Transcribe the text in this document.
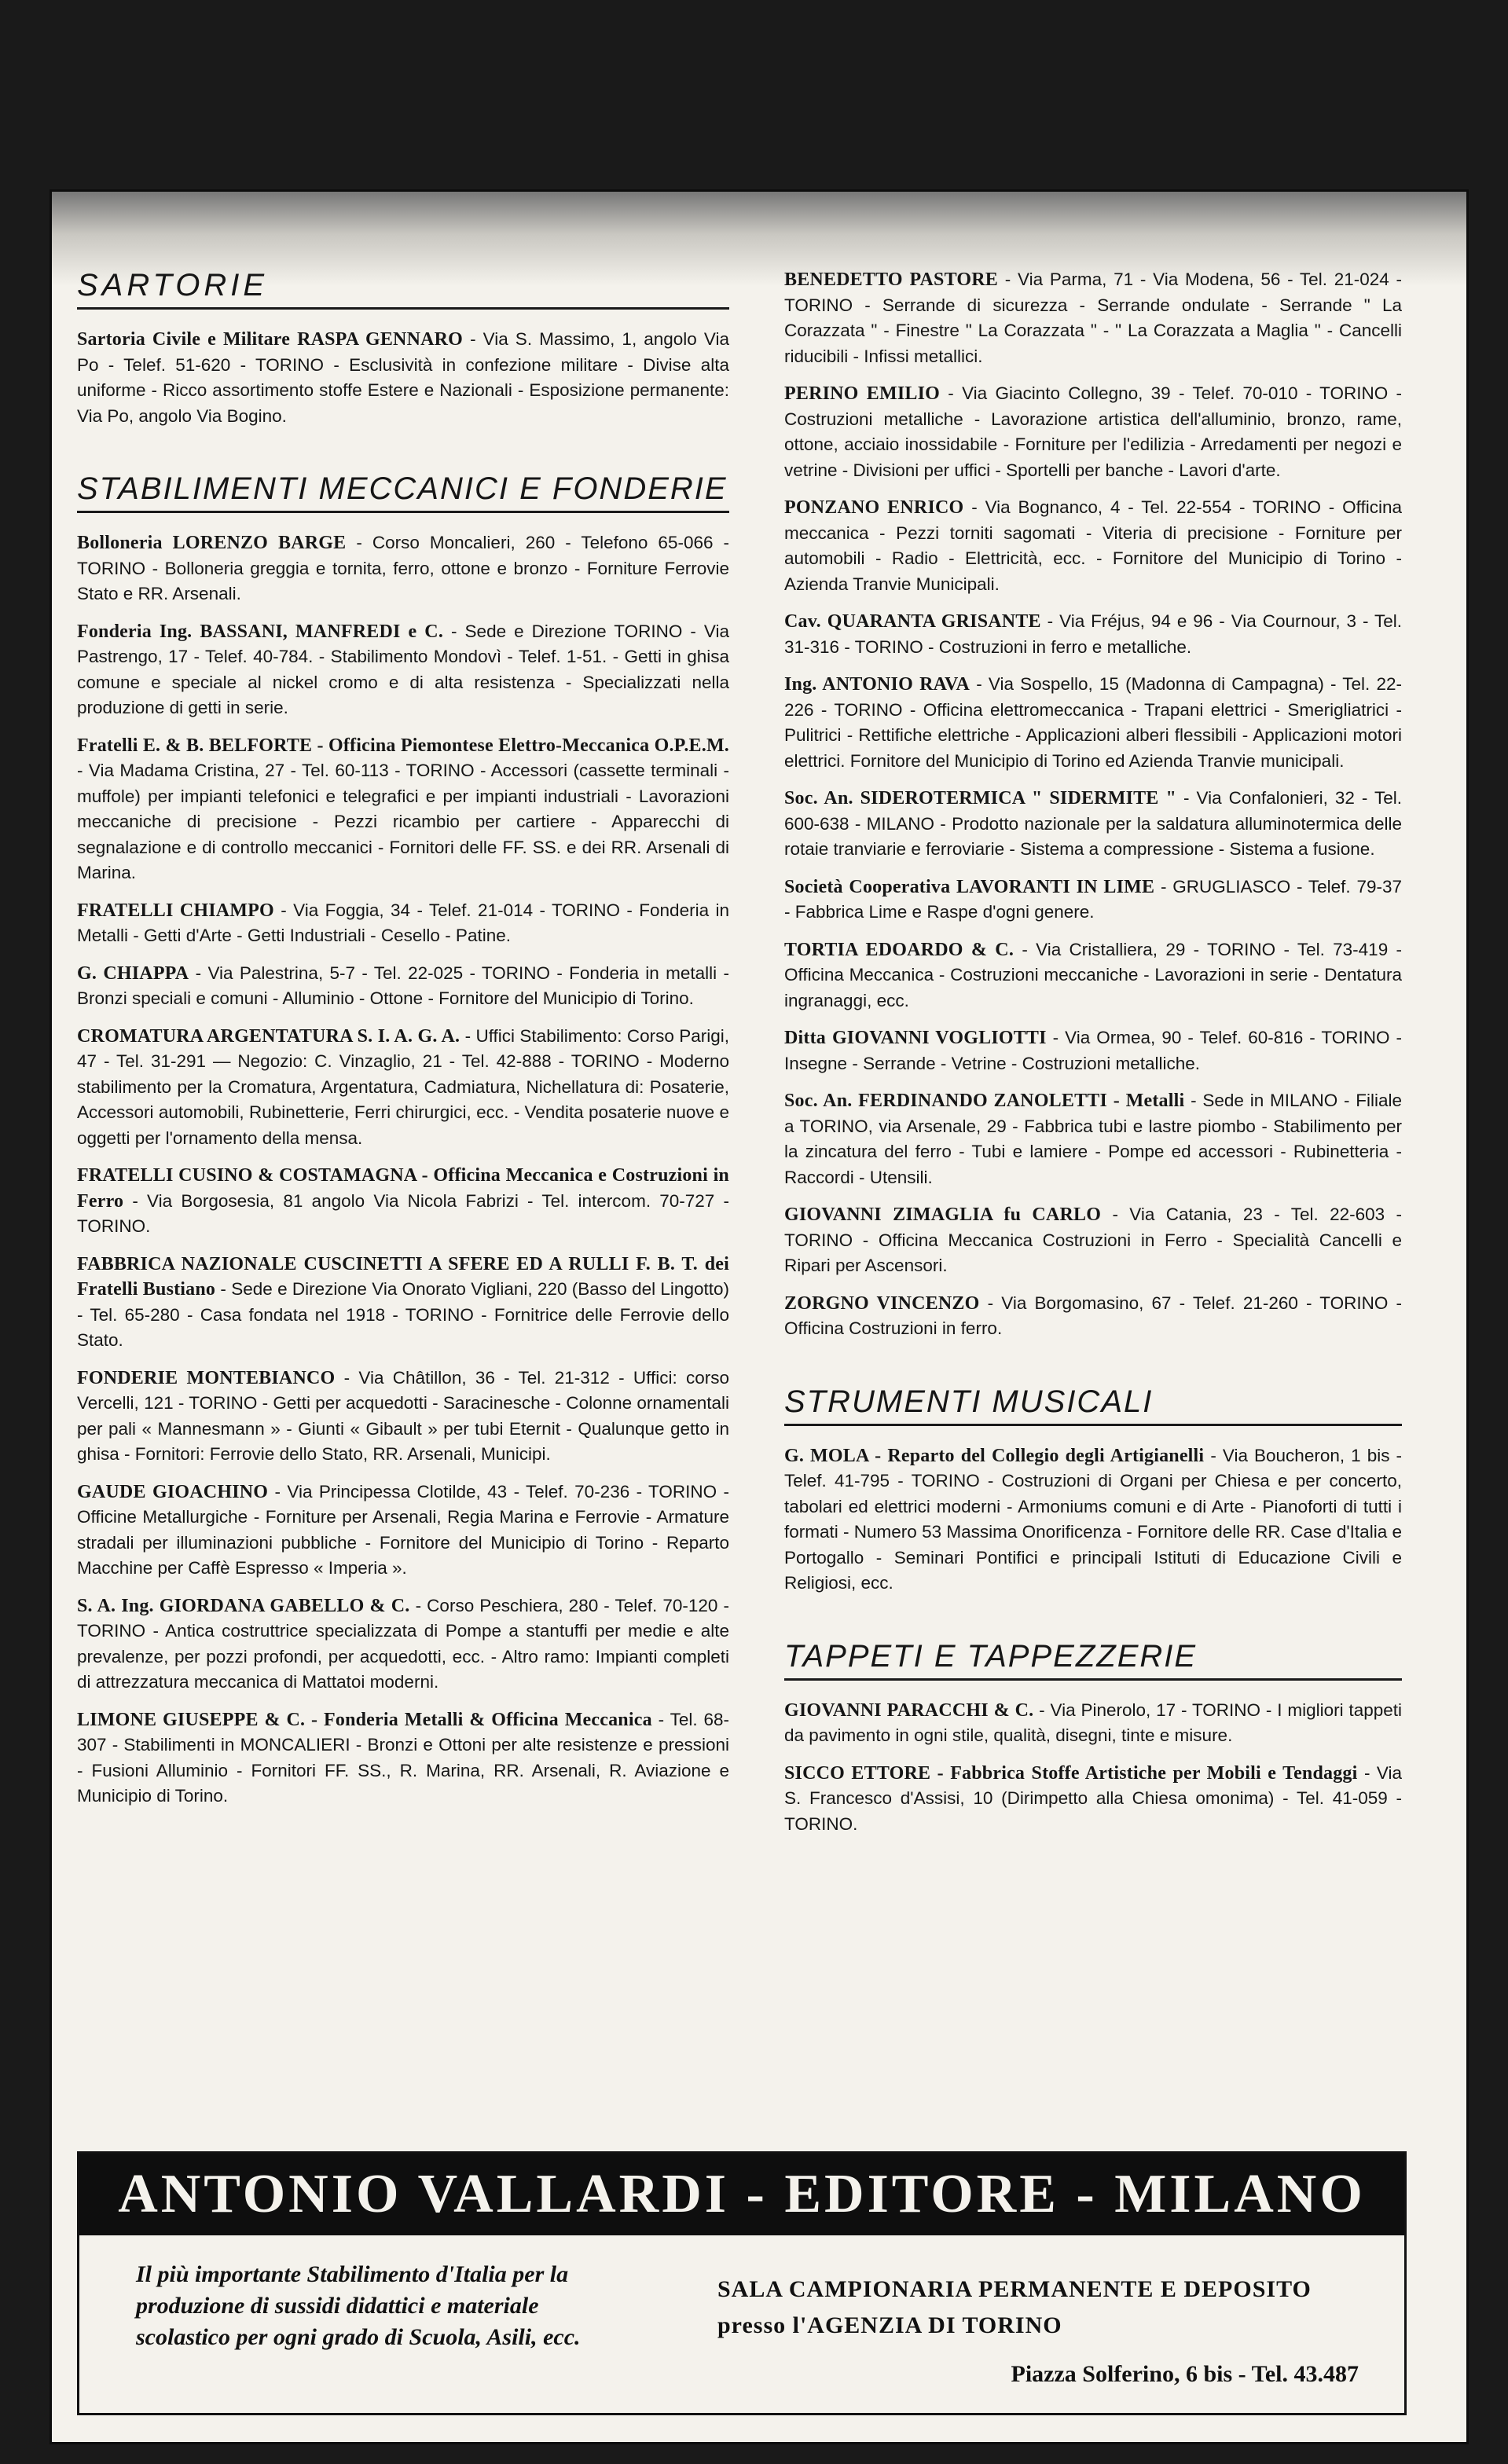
SARTORIE

Sartoria Civile e Militare RASPA GENNARO - Via S. Massimo, 1, angolo Via Po - Telef. 51-620 - TORINO - Esclusività in confezione militare - Divise alta uniforme - Ricco assortimento stoffe Estere e Nazionali - Esposizione permanente: Via Po, angolo Via Bogino.

STABILIMENTI MECCANICI E FONDERIE

Bolloneria LORENZO BARGE - Corso Moncalieri, 260 - Telefono 65-066 - TORINO - Bolloneria greggia e tornita, ferro, ottone e bronzo - Forniture Ferrovie Stato e RR. Arsenali.

Fonderia Ing. BASSANI, MANFREDI e C. - Sede e Direzione TORINO - Via Pastrengo, 17 - Telef. 40-784. - Stabilimento Mondovì - Telef. 1-51. - Getti in ghisa comune e speciale al nickel cromo e di alta resistenza - Specializzati nella produzione di getti in serie.

Fratelli E. & B. BELFORTE - Officina Piemontese Elettro-Meccanica O.P.E.M. - Via Madama Cristina, 27 - Tel. 60-113 - TORINO - Accessori (cassette terminali - muffole) per impianti telefonici e telegrafici e per impianti industriali - Lavorazioni meccaniche di precisione - Pezzi ricambio per cartiere - Apparecchi di segnalazione e di controllo meccanici - Fornitori delle FF. SS. e dei RR. Arsenali di Marina.

FRATELLI CHIAMPO - Via Foggia, 34 - Telef. 21-014 - TORINO - Fonderia in Metalli - Getti d'Arte - Getti Industriali - Cesello - Patine.

G. CHIAPPA - Via Palestrina, 5-7 - Tel. 22-025 - TORINO - Fonderia in metalli - Bronzi speciali e comuni - Alluminio - Ottone - Fornitore del Municipio di Torino.

CROMATURA ARGENTATURA S. I. A. G. A. - Uffici Stabilimento: Corso Parigi, 47 - Tel. 31-291 — Negozio: C. Vinzaglio, 21 - Tel. 42-888 - TORINO - Moderno stabilimento per la Cromatura, Argentatura, Cadmiatura, Nichellatura di: Posaterie, Accessori automobili, Rubinetterie, Ferri chirurgici, ecc. - Vendita posaterie nuove e oggetti per l'ornamento della mensa.

FRATELLI CUSINO & COSTAMAGNA - Officina Meccanica e Costruzioni in Ferro - Via Borgosesia, 81 angolo Via Nicola Fabrizi - Tel. intercom. 70-727 - TORINO.

FABBRICA NAZIONALE CUSCINETTI A SFERE ED A RULLI F. B. T. dei Fratelli Bustiano - Sede e Direzione Via Onorato Vigliani, 220 (Basso del Lingotto) - Tel. 65-280 - Casa fondata nel 1918 - TORINO - Fornitrice delle Ferrovie dello Stato.

FONDERIE MONTEBIANCO - Via Châtillon, 36 - Tel. 21-312 - Uffici: corso Vercelli, 121 - TORINO - Getti per acquedotti - Saracinesche - Colonne ornamentali per pali « Mannesmann » - Giunti « Gibault » per tubi Eternit - Qualunque getto in ghisa - Fornitori: Ferrovie dello Stato, RR. Arsenali, Municipi.

GAUDE GIOACHINO - Via Principessa Clotilde, 43 - Telef. 70-236 - TORINO - Officine Metallurgiche - Forniture per Arsenali, Regia Marina e Ferrovie - Armature stradali per illuminazioni pubbliche - Fornitore del Municipio di Torino - Reparto Macchine per Caffè Espresso « Imperia ».

S. A. Ing. GIORDANA GABELLO & C. - Corso Peschiera, 280 - Telef. 70-120 - TORINO - Antica costruttrice specializzata di Pompe a stantuffi per medie e alte prevalenze, per pozzi profondi, per acquedotti, ecc. - Altro ramo: Impianti completi di attrezzatura meccanica di Mattatoi moderni.

LIMONE GIUSEPPE & C. - Fonderia Metalli & Officina Meccanica - Tel. 68-307 - Stabilimenti in MONCALIERI - Bronzi e Ottoni per alte resistenze e pressioni - Fusioni Alluminio - Fornitori FF. SS., R. Marina, RR. Arsenali, R. Aviazione e Municipio di Torino.

BENEDETTO PASTORE - Via Parma, 71 - Via Modena, 56 - Tel. 21-024 - TORINO - Serrande di sicurezza - Serrande ondulate - Serrande " La Corazzata " - Finestre " La Corazzata " - " La Corazzata a Maglia " - Cancelli riducibili - Infissi metallici.

PERINO EMILIO - Via Giacinto Collegno, 39 - Telef. 70-010 - TORINO - Costruzioni metalliche - Lavorazione artistica dell'alluminio, bronzo, rame, ottone, acciaio inossidabile - Forniture per l'edilizia - Arredamenti per negozi e vetrine - Divisioni per uffici - Sportelli per banche - Lavori d'arte.

PONZANO ENRICO - Via Bognanco, 4 - Tel. 22-554 - TORINO - Officina meccanica - Pezzi torniti sagomati - Viteria di precisione - Forniture per automobili - Radio - Elettricità, ecc. - Fornitore del Municipio di Torino - Azienda Tranvie Municipali.

Cav. QUARANTA GRISANTE - Via Fréjus, 94 e 96 - Via Cournour, 3 - Tel. 31-316 - TORINO - Costruzioni in ferro e metalliche.

Ing. ANTONIO RAVA - Via Sospello, 15 (Madonna di Campagna) - Tel. 22-226 - TORINO - Officina elettromeccanica - Trapani elettrici - Smerigliatrici - Pulitrici - Rettifiche elettriche - Applicazioni alberi flessibili - Applicazioni motori elettrici. Fornitore del Municipio di Torino ed Azienda Tranvie municipali.

Soc. An. SIDEROTERMICA " SIDERMITE " - Via Confalonieri, 32 - Tel. 600-638 - MILANO - Prodotto nazionale per la saldatura alluminotermica delle rotaie tranviarie e ferroviarie - Sistema a compressione - Sistema a fusione.

Società Cooperativa LAVORANTI IN LIME - GRUGLIASCO - Telef. 79-37 - Fabbrica Lime e Raspe d'ogni genere.

TORTIA EDOARDO & C. - Via Cristalliera, 29 - TORINO - Tel. 73-419 - Officina Meccanica - Costruzioni meccaniche - Lavorazioni in serie - Dentatura ingranaggi, ecc.

Ditta GIOVANNI VOGLIOTTI - Via Ormea, 90 - Telef. 60-816 - TORINO - Insegne - Serrande - Vetrine - Costruzioni metalliche.

Soc. An. FERDINANDO ZANOLETTI - Metalli - Sede in MILANO - Filiale a TORINO, via Arsenale, 29 - Fabbrica tubi e lastre piombo - Stabilimento per la zincatura del ferro - Tubi e lamiere - Pompe ed accessori - Rubinetteria - Raccordi - Utensili.

GIOVANNI ZIMAGLIA fu CARLO - Via Catania, 23 - Tel. 22-603 - TORINO - Officina Meccanica Costruzioni in Ferro - Specialità Cancelli e Ripari per Ascensori.

ZORGNO VINCENZO - Via Borgomasino, 67 - Telef. 21-260 - TORINO - Officina Costruzioni in ferro.

STRUMENTI MUSICALI

G. MOLA - Reparto del Collegio degli Artigianelli - Via Boucheron, 1 bis - Telef. 41-795 - TORINO - Costruzioni di Organi per Chiesa e per concerto, tabolari ed elettrici moderni - Armoniums comuni e di Arte - Pianoforti di tutti i formati - Numero 53 Massima Onorificenza - Fornitore delle RR. Case d'Italia e Portogallo - Seminari Pontifici e principali Istituti di Educazione Civili e Religiosi, ecc.

TAPPETI E TAPPEZZERIE

GIOVANNI PARACCHI & C. - Via Pinerolo, 17 - TORINO - I migliori tappeti da pavimento in ogni stile, qualità, disegni, tinte e misure.

SICCO ETTORE - Fabbrica Stoffe Artistiche per Mobili e Tendaggi - Via S. Francesco d'Assisi, 10 (Dirimpetto alla Chiesa omonima) - Tel. 41-059 - TORINO.

ANTONIO VALLARDI - EDITORE - MILANO
Il più importante Stabilimento d'Italia per la produzione di sussidi didattici e materiale scolastico per ogni grado di Scuola, Asili, ecc.
SALA CAMPIONARIA PERMANENTE E DEPOSITO
presso l'AGENZIA DI TORINO
Piazza Solferino, 6 bis - Tel. 43.487
